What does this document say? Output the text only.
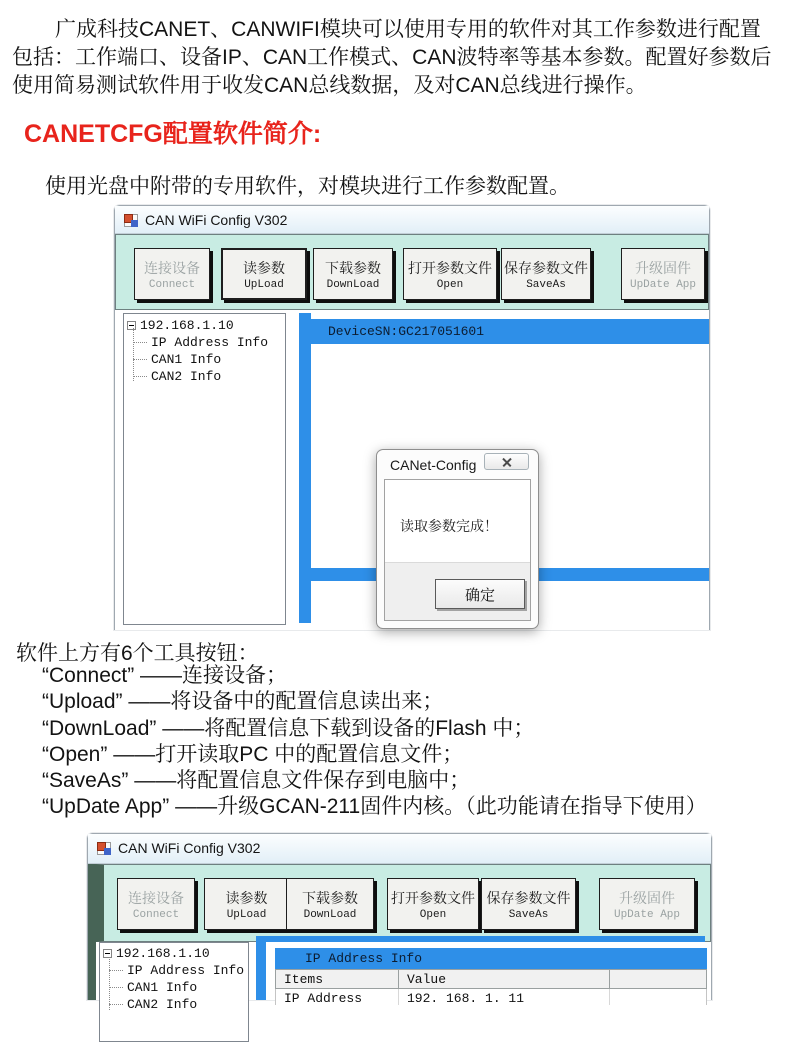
广成科技CANET、CANWIFI模块可以使用专用的软件对其工作参数进行配置
包括：工作端口、设备IP、CAN工作模式、CAN波特率等基本参数。配置好参数后
使用简易测试软件用于收发CAN总线数据，及对CAN总线进行操作。
CANETCFG配置软件简介:
使用光盘中附带的专用软件，对模块进行工作参数配置。
CAN WiFi Config V302
连接设备
Connect
读参数
UpLoad
下载参数
DownLoad
打开参数文件
Open
保存参数文件
SaveAs
升级固件
UpDate App
192.168.1.10
IP Address Info
CAN1 Info
CAN2 Info
DeviceSN:GC217051601
CANet-Config
读取参数完成！
确定
软件上方有6个工具按钮：
“Connect” ——连接设备；
“Upload” ——将设备中的配置信息读出来；
“DownLoad” ——将配置信息下载到设备的Flash 中；
“Open” ——打开读取PC 中的配置信息文件；
“SaveAs” ——将配置信息文件保存到电脑中；
“UpDate App” ——升级GCAN-211固件内核。（此功能请在指导下使用）
CAN WiFi Config V302
连接设备
Connect
读参数
UpLoad
下载参数
DownLoad
打开参数文件
Open
保存参数文件
SaveAs
升级固件
UpDate App
192.168.1.10
IP Address Info
CAN1 Info
CAN2 Info
IP Address Info
Items	Value
IP Address	192. 168. 1. 11
